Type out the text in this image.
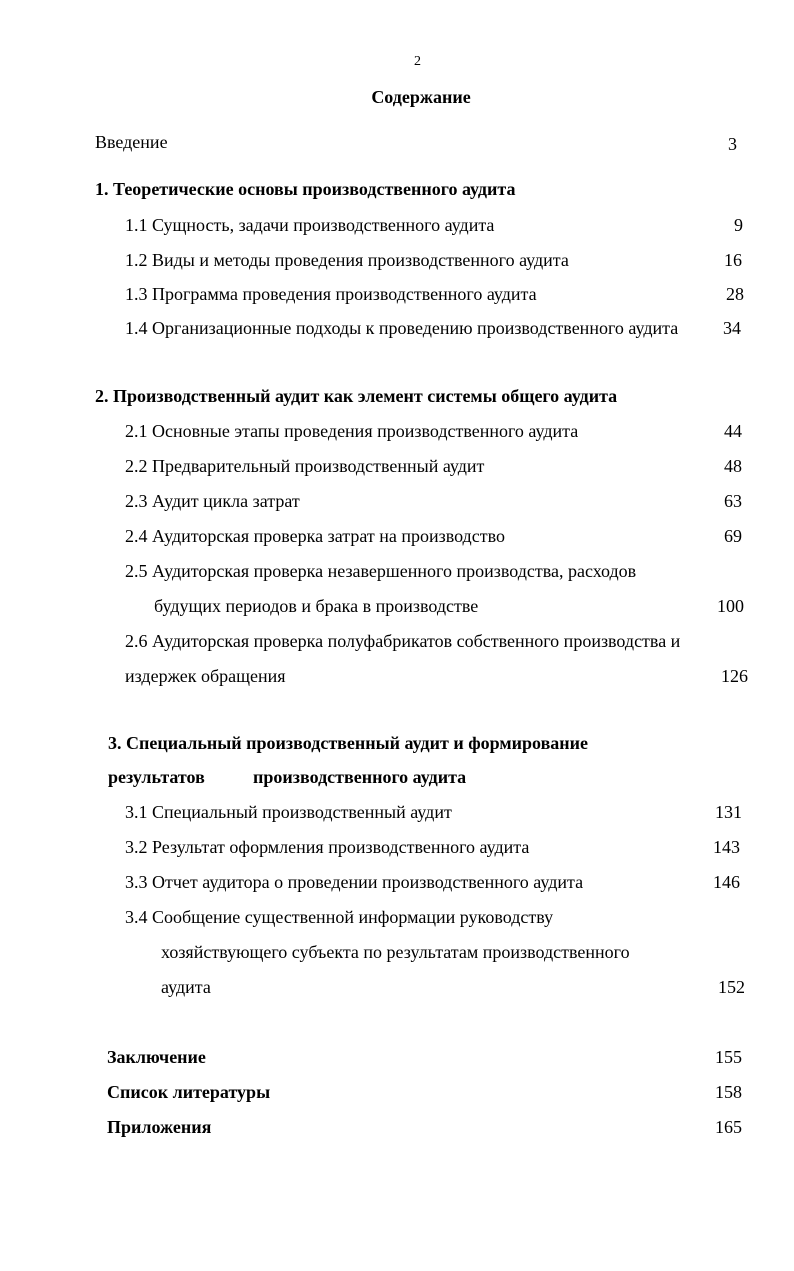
2
Содержание
Введение	3
1. Теоретические основы производственного аудита
1.1 Сущность, задачи производственного аудита	9
1.2 Виды и методы проведения производственного аудита	16
1.3 Программа проведения производственного аудита	28
1.4 Организационные подходы к проведению производственного аудита 34
2. Производственный аудит как элемент системы общего аудита
2.1 Основные этапы проведения производственного аудита	44
2.2 Предварительный производственный аудит	48
2.3 Аудит цикла затрат	63
2.4 Аудиторская проверка затрат на производство	69
2.5 Аудиторская проверка незавершенного производства, расходов
будущих периодов и брака в производстве	100
2.6 Аудиторская проверка полуфабрикатов собственного производства и
издержек обращения	126
3. Специальный производственный аудит и формирование
результатов	производственного аудита
3.1 Специальный производственный аудит	131
3.2 Результат оформления производственного аудита	143
3.3 Отчет аудитора о проведении производственного аудита	146
3.4 Сообщение существенной информации руководству
хозяйствующего субъекта по результатам производственного
аудита	152
Заключение	155
Список литературы	158
Приложения	165
